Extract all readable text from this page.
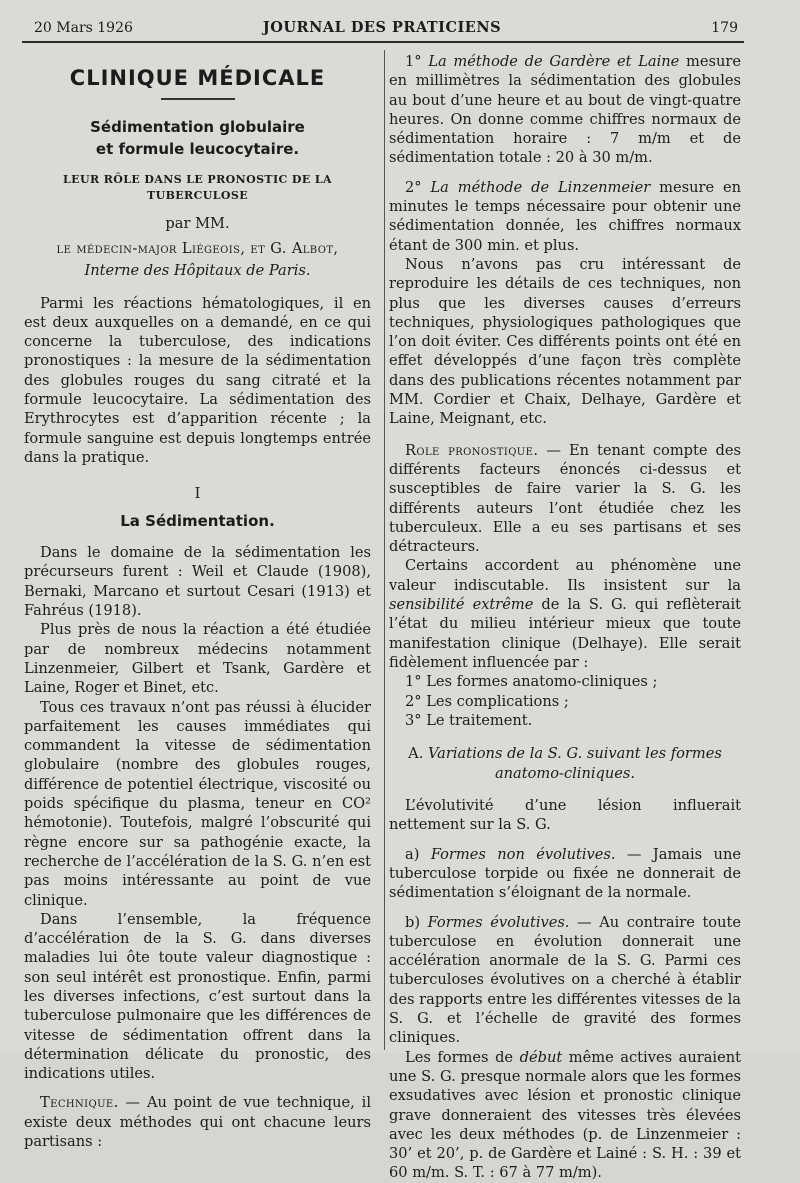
20 Mars 1926	JOURNAL DES PRATICIENS	179
CLINIQUE MÉDICALE
Sédimentation globulaire
et formule leucocytaire.
LEUR RÔLE DANS LE PRONOSTIC DE LA TUBERCULOSE
par MM.
le médecin-major Liégeois, et G. Albot,
Interne des Hôpitaux de Paris.

Parmi les réactions hématologiques, il en est deux auxquelles on a demandé, en ce qui concerne la tuberculose, des indications pronostiques : la mesure de la sédimentation des globules rouges du sang citraté et la formule leucocytaire. La sédimentation des Erythrocytes est d’apparition récente ; la formule sanguine est depuis longtemps entrée dans la pratique.

I
La Sédimentation.

Dans le domaine de la sédimentation les précurseurs furent : Weil et Claude (1908), Bernaki, Marcano et surtout Cesari (1913) et Fahréus (1918).

Plus près de nous la réaction a été étudiée par de nombreux médecins notamment Linzenmeier, Gilbert et Tsank, Gardère et Laine, Roger et Binet, etc.

Tous ces travaux n’ont pas réussi à élucider parfaitement les causes immédiates qui commandent la vitesse de sédimentation globulaire (nombre des globules rouges, différence de potentiel électrique, viscosité ou poids spécifique du plasma, teneur en CO² hémotonie). Toutefois, malgré l’obscurité qui règne encore sur sa pathogénie exacte, la recherche de l’accélération de la S. G. n’en est pas moins intéressante au point de vue clinique.

Dans l’ensemble, la fréquence d’accélération de la S. G. dans diverses maladies lui ôte toute valeur diagnostique : son seul intérêt est pronostique. Enfin, parmi les diverses infections, c’est surtout dans la tuberculose pulmonaire que les différences de vitesse de sédimentation offrent dans la détermination délicate du pronostic, des indications utiles.

Technique. — Au point de vue technique, il existe deux méthodes qui ont chacune leurs partisans :

1° La méthode de Gardère et Laine mesure en millimètres la sédimentation des globules au bout d’une heure et au bout de vingt-quatre heures. On donne comme chiffres normaux de sédimentation horaire : 7 m/m et de sédimentation totale : 20 à 30 m/m.

2° La méthode de Linzenmeier mesure en minutes le temps nécessaire pour obtenir une sédimentation donnée, les chiffres normaux étant de 300 min. et plus.

Nous n’avons pas cru intéressant de reproduire les détails de ces techniques, non plus que les diverses causes d’erreurs techniques, physiologiques pathologiques que l’on doit éviter. Ces différents points ont été en effet développés d’une façon très complète dans des publications récentes notamment par MM. Cordier et Chaix, Delhaye, Gardère et Laine, Meignant, etc.

Role pronostique. — En tenant compte des différents facteurs énoncés ci-dessus et susceptibles de faire varier la S. G. les différents auteurs l’ont étudiée chez les tuberculeux. Elle a eu ses partisans et ses détracteurs.

Certains accordent au phénomène une valeur indiscutable. Ils insistent sur la sensibilité extrême de la S. G. qui reflèterait l’état du milieu intérieur mieux que toute manifestation clinique (Delhaye). Elle serait fidèlement influencée par :

1° Les formes anatomo-cliniques ;

2° Les complications ;

3° Le traitement.

A. Variations de la S. G. suivant les formes
anatomo-cliniques.

L’évolutivité d’une lésion influerait nettement sur la S. G.

a) Formes non évolutives. — Jamais une tuberculose torpide ou fixée ne donnerait de sédimentation s’éloignant de la normale.

b) Formes évolutives. — Au contraire toute tuberculose en évolution donnerait une accélération anormale de la S. G. Parmi ces tuberculoses évolutives on a cherché à établir des rapports entre les différentes vitesses de la S. G. et l’échelle de gravité des formes cliniques.

Les formes de début même actives auraient une S. G. presque normale alors que les formes exsudatives avec lésion et pronostic clinique grave donneraient des vitesses très élevées avec les deux méthodes (p. de Linzenmeier : 30’ et 20’, p. de Gardère et Lainé : S. H. : 39 et 60 m/m. S. T. : 67 à 77 m/m).
